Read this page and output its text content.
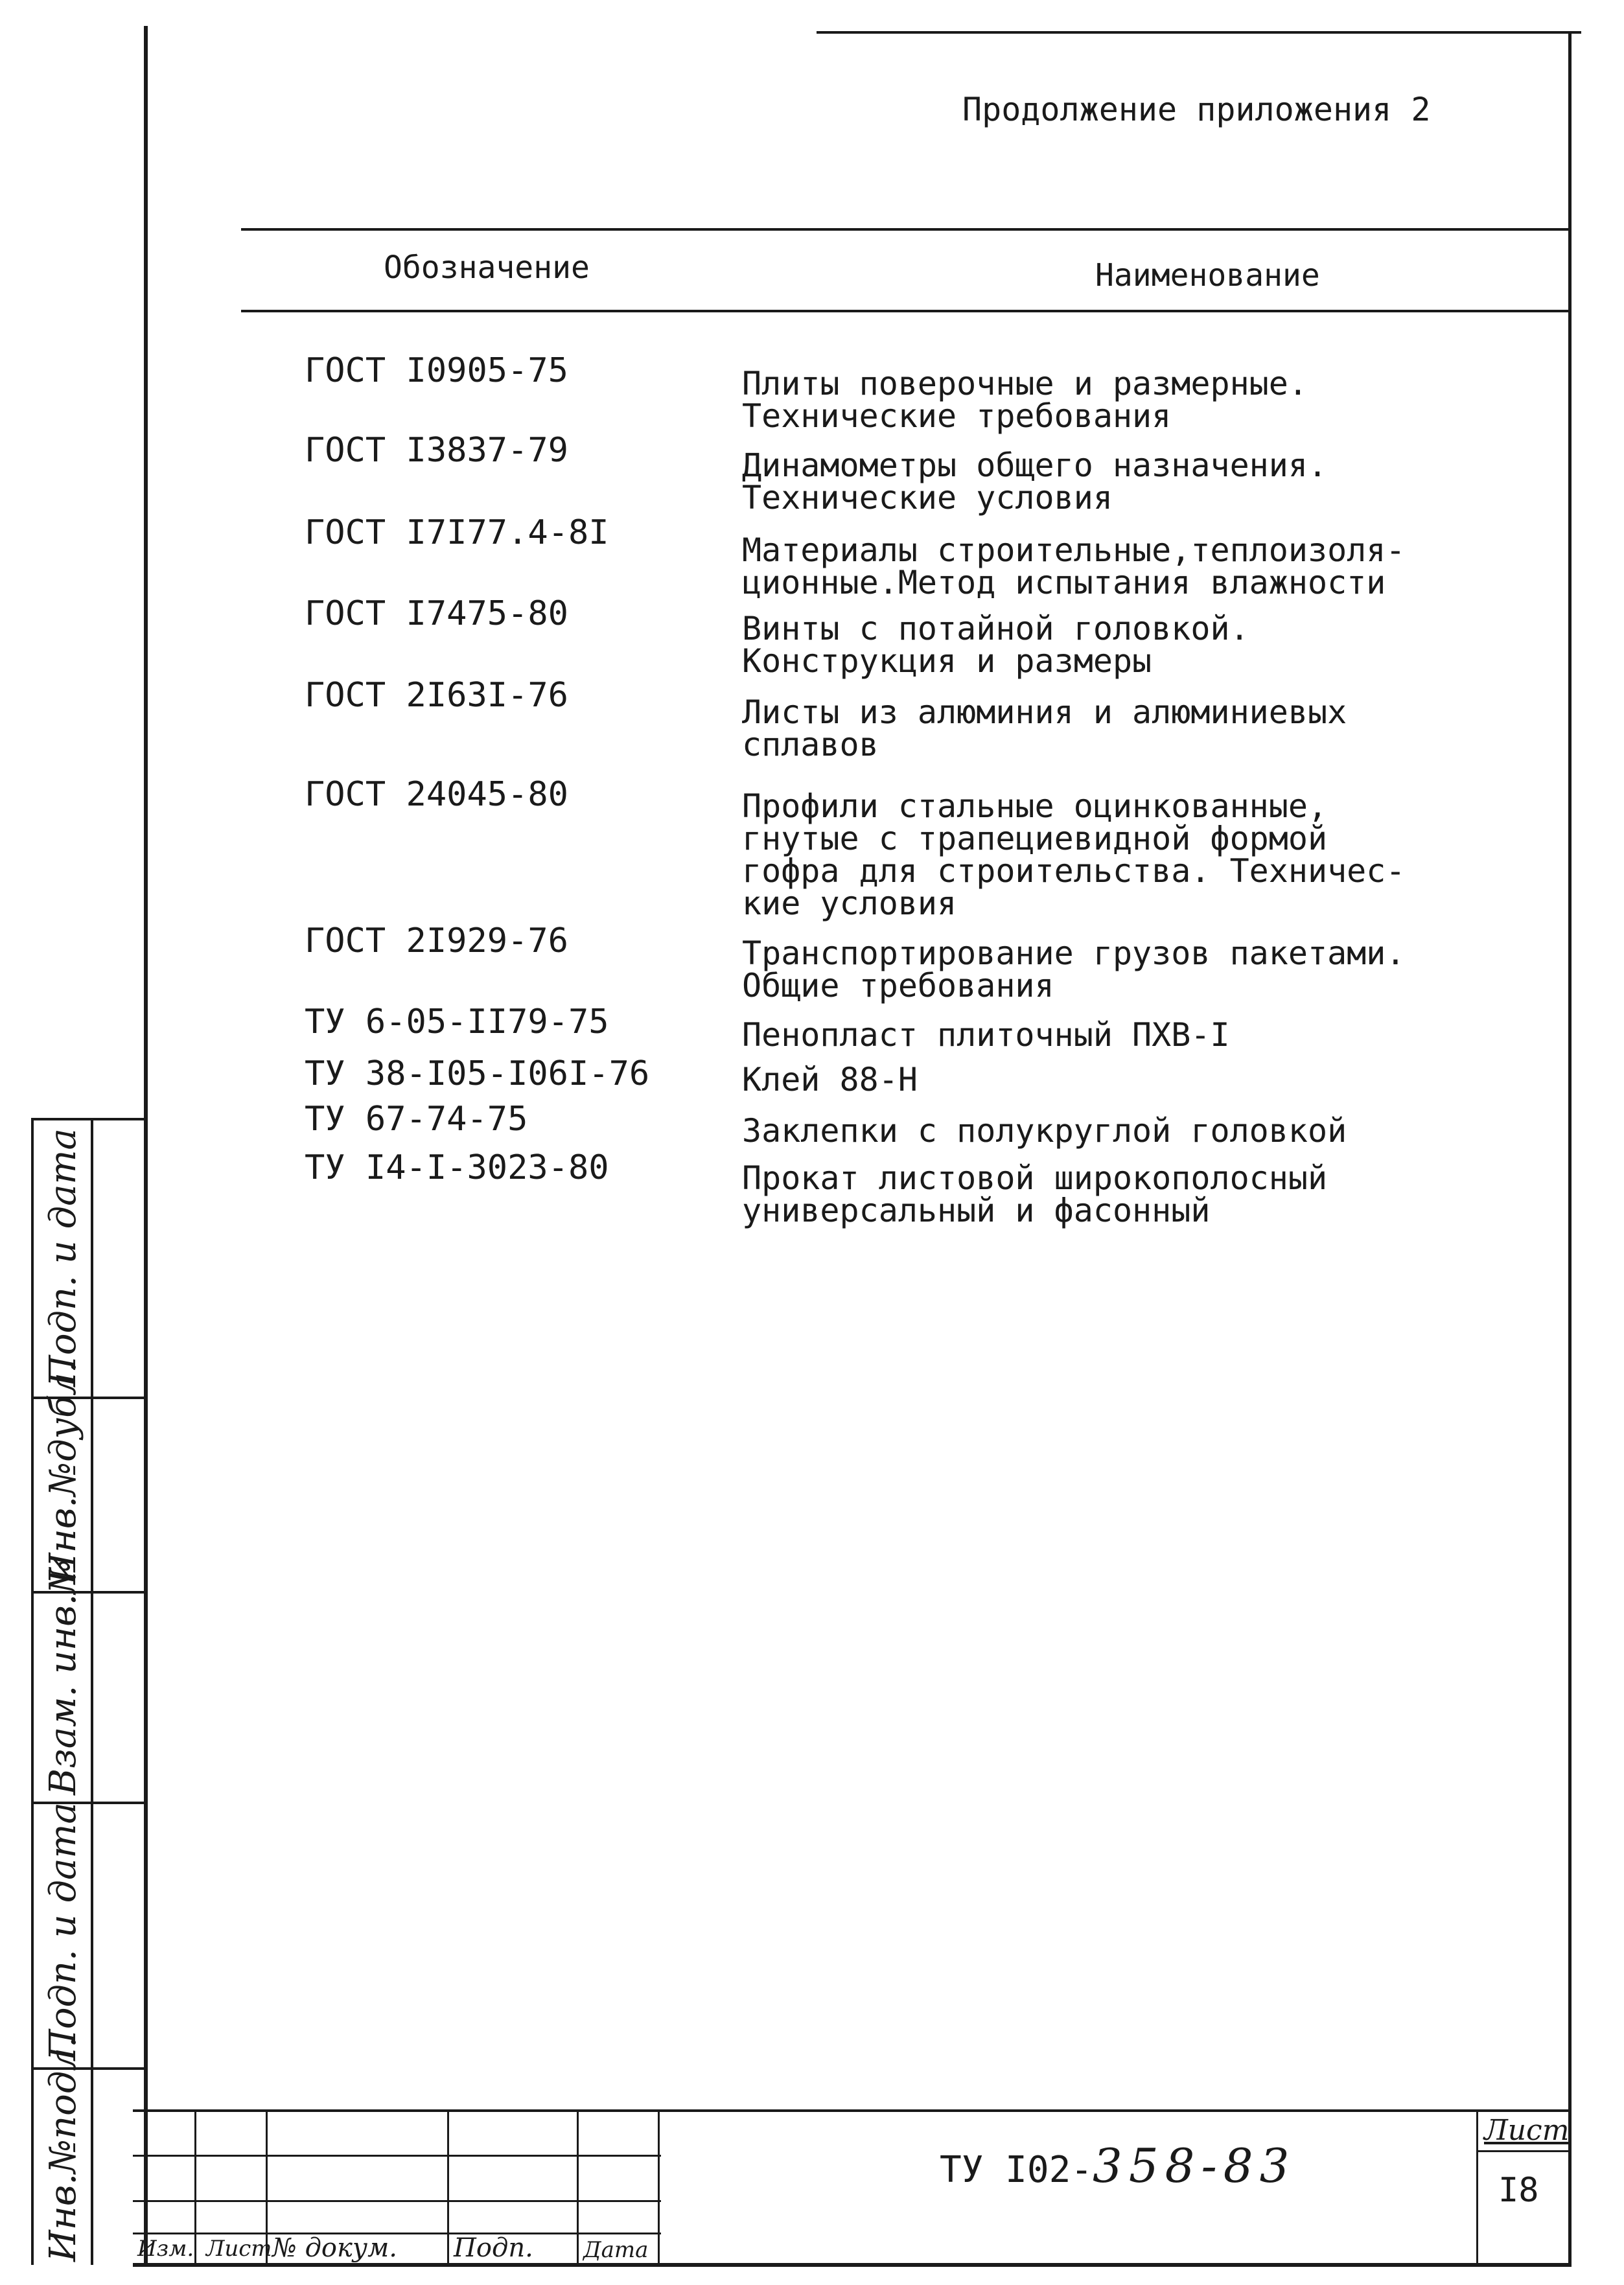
Продолжение приложения 2
Обозначение	Наименование
ГОСТ I0905-75	Плиты поверочные и размерные.
Технические требования
ГОСТ I3837-79	Динамометры общего назначения.
Технические условия
ГОСТ I7I77.4-8I	Материалы строительные,теплоизоля-
ционные.Метод испытания влажности
ГОСТ I7475-80	Винты с потайной головкой.
Конструкция и размеры
ГОСТ 2I63I-76	Листы из алюминия и алюминиевых
сплавов
ГОСТ 24045-80	Профили стальные оцинкованные,
гнутые с трапециевидной формой
гофра для строительства. Техничес-
кие условия
ГОСТ 2I929-76	Транспортирование грузов пакетами.
Общие требования
ТУ 6-05-II79-75	Пенопласт плиточный ПХВ-I
ТУ 38-I05-I06I-76	Клей 88-Н
ТУ 67-74-75	Заклепки с полукруглой головкой
ТУ I4-I-3023-80	Прокат листовой широкополосный
универсальный и фасонный
Подп. и дата
Инв.№дубл.
Взам. инв.№
Подп. и дата
Инв.№подл. Изм. Лист № докум. Подп. Дата
ТУ I02-358-83
Лист
I8
